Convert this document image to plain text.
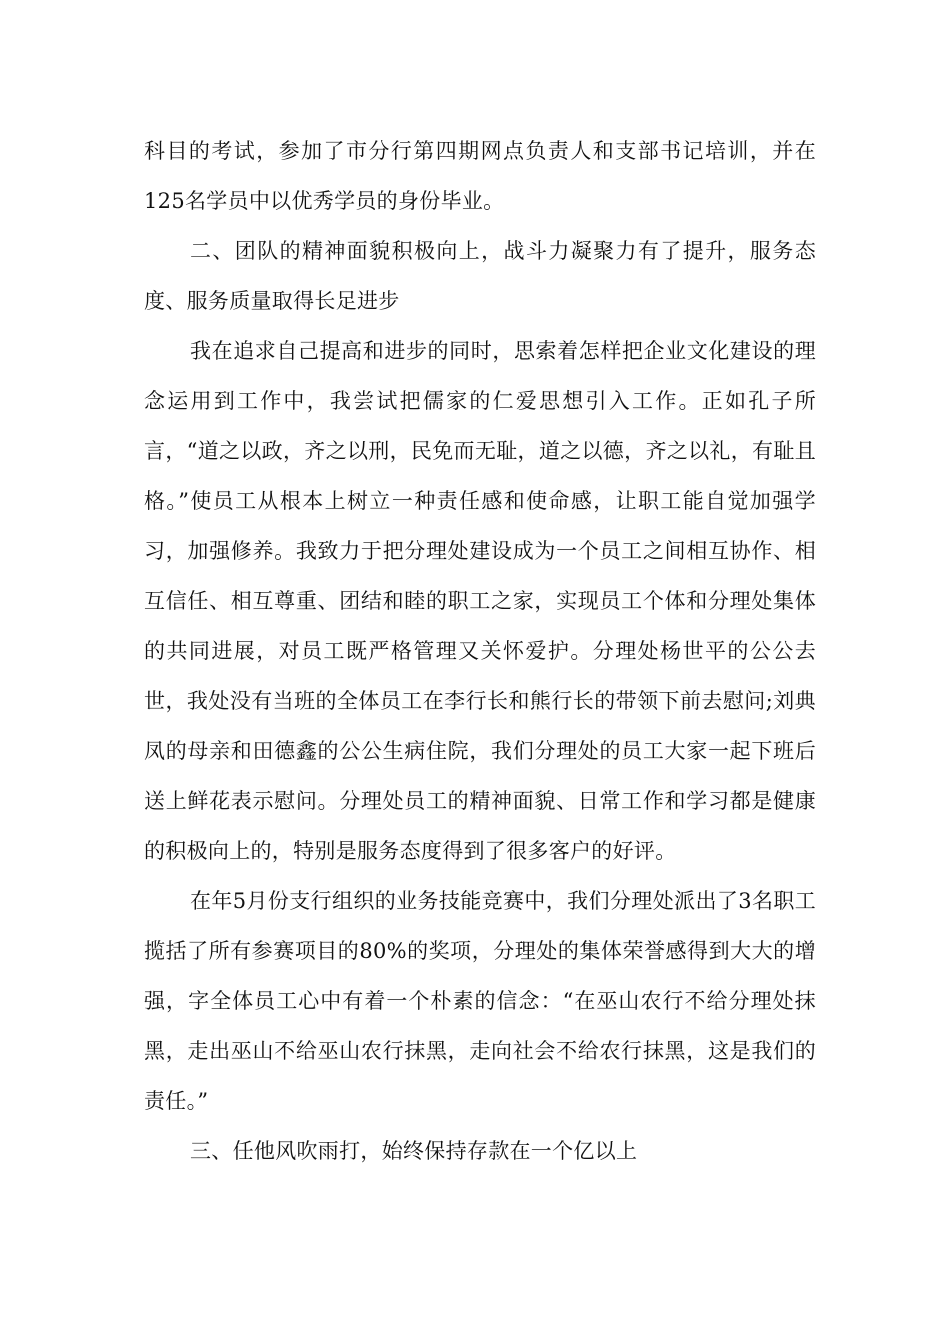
科目的考试，参加了市分行第四期网点负责人和支部书记培训，并在125名学员中以优秀学员的身份毕业。

二、团队的精神面貌积极向上，战斗力凝聚力有了提升，服务态度、服务质量取得长足进步

我在追求自己提高和进步的同时，思索着怎样把企业文化建设的理念运用到工作中，我尝试把儒家的仁爱思想引入工作。正如孔子所言，“道之以政，齐之以刑，民免而无耻，道之以德，齐之以礼，有耻且格。”使员工从根本上树立一种责任感和使命感，让职工能自觉加强学习，加强修养。我致力于把分理处建设成为一个员工之间相互协作、相互信任、相互尊重、团结和睦的职工之家，实现员工个体和分理处集体的共同进展，对员工既严格管理又关怀爱护。分理处杨世平的公公去世，我处没有当班的全体员工在李行长和熊行长的带领下前去慰问;刘典凤的母亲和田德鑫的公公生病住院，我们分理处的员工大家一起下班后送上鲜花表示慰问。分理处员工的精神面貌、日常工作和学习都是健康的积极向上的，特别是服务态度得到了很多客户的好评。

在年5月份支行组织的业务技能竞赛中，我们分理处派出了3名职工揽括了所有参赛项目的80%的奖项，分理处的集体荣誉感得到大大的增强，字全体员工心中有着一个朴素的信念：“在巫山农行不给分理处抹黑，走出巫山不给巫山农行抹黑，走向社会不给农行抹黑，这是我们的责任。”

三、任他风吹雨打，始终保持存款在一个亿以上
